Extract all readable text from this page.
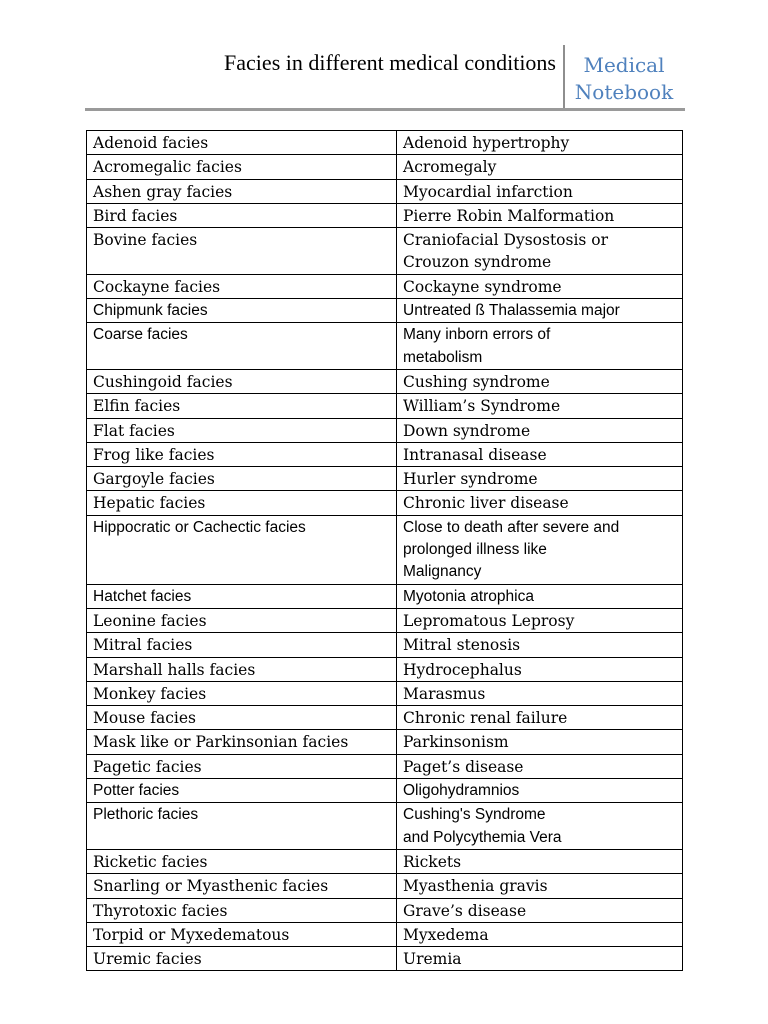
Facies in different medical conditions	Medical
Notebook
Adenoid facies	Adenoid hypertrophy
Acromegalic facies	Acromegaly
Ashen gray facies	Myocardial infarction
Bird facies	Pierre Robin Malformation
Bovine facies	Craniofacial Dysostosis or
Crouzon syndrome
Cockayne facies	Cockayne syndrome
Chipmunk facies	Untreated ß Thalassemia major
Coarse facies	Many inborn errors of
metabolism
Cushingoid facies	Cushing syndrome
Elfin facies	William’s Syndrome
Flat facies	Down syndrome
Frog like facies	Intranasal disease
Gargoyle facies	Hurler syndrome
Hepatic facies	Chronic liver disease
Hippocratic or Cachectic facies	Close to death after severe and
prolonged illness like
Malignancy
Hatchet facies	Myotonia atrophica
Leonine facies	Lepromatous Leprosy
Mitral facies	Mitral stenosis
Marshall halls facies	Hydrocephalus
Monkey facies	Marasmus
Mouse facies	Chronic renal failure
Mask like or Parkinsonian facies	Parkinsonism
Pagetic facies	Paget’s disease
Potter facies	Oligohydramnios
Plethoric facies	Cushing's Syndrome
and Polycythemia Vera
Ricketic facies	Rickets
Snarling or Myasthenic facies	Myasthenia gravis
Thyrotoxic facies	Grave’s disease
Torpid or Myxedematous	Myxedema
Uremic facies	Uremia
